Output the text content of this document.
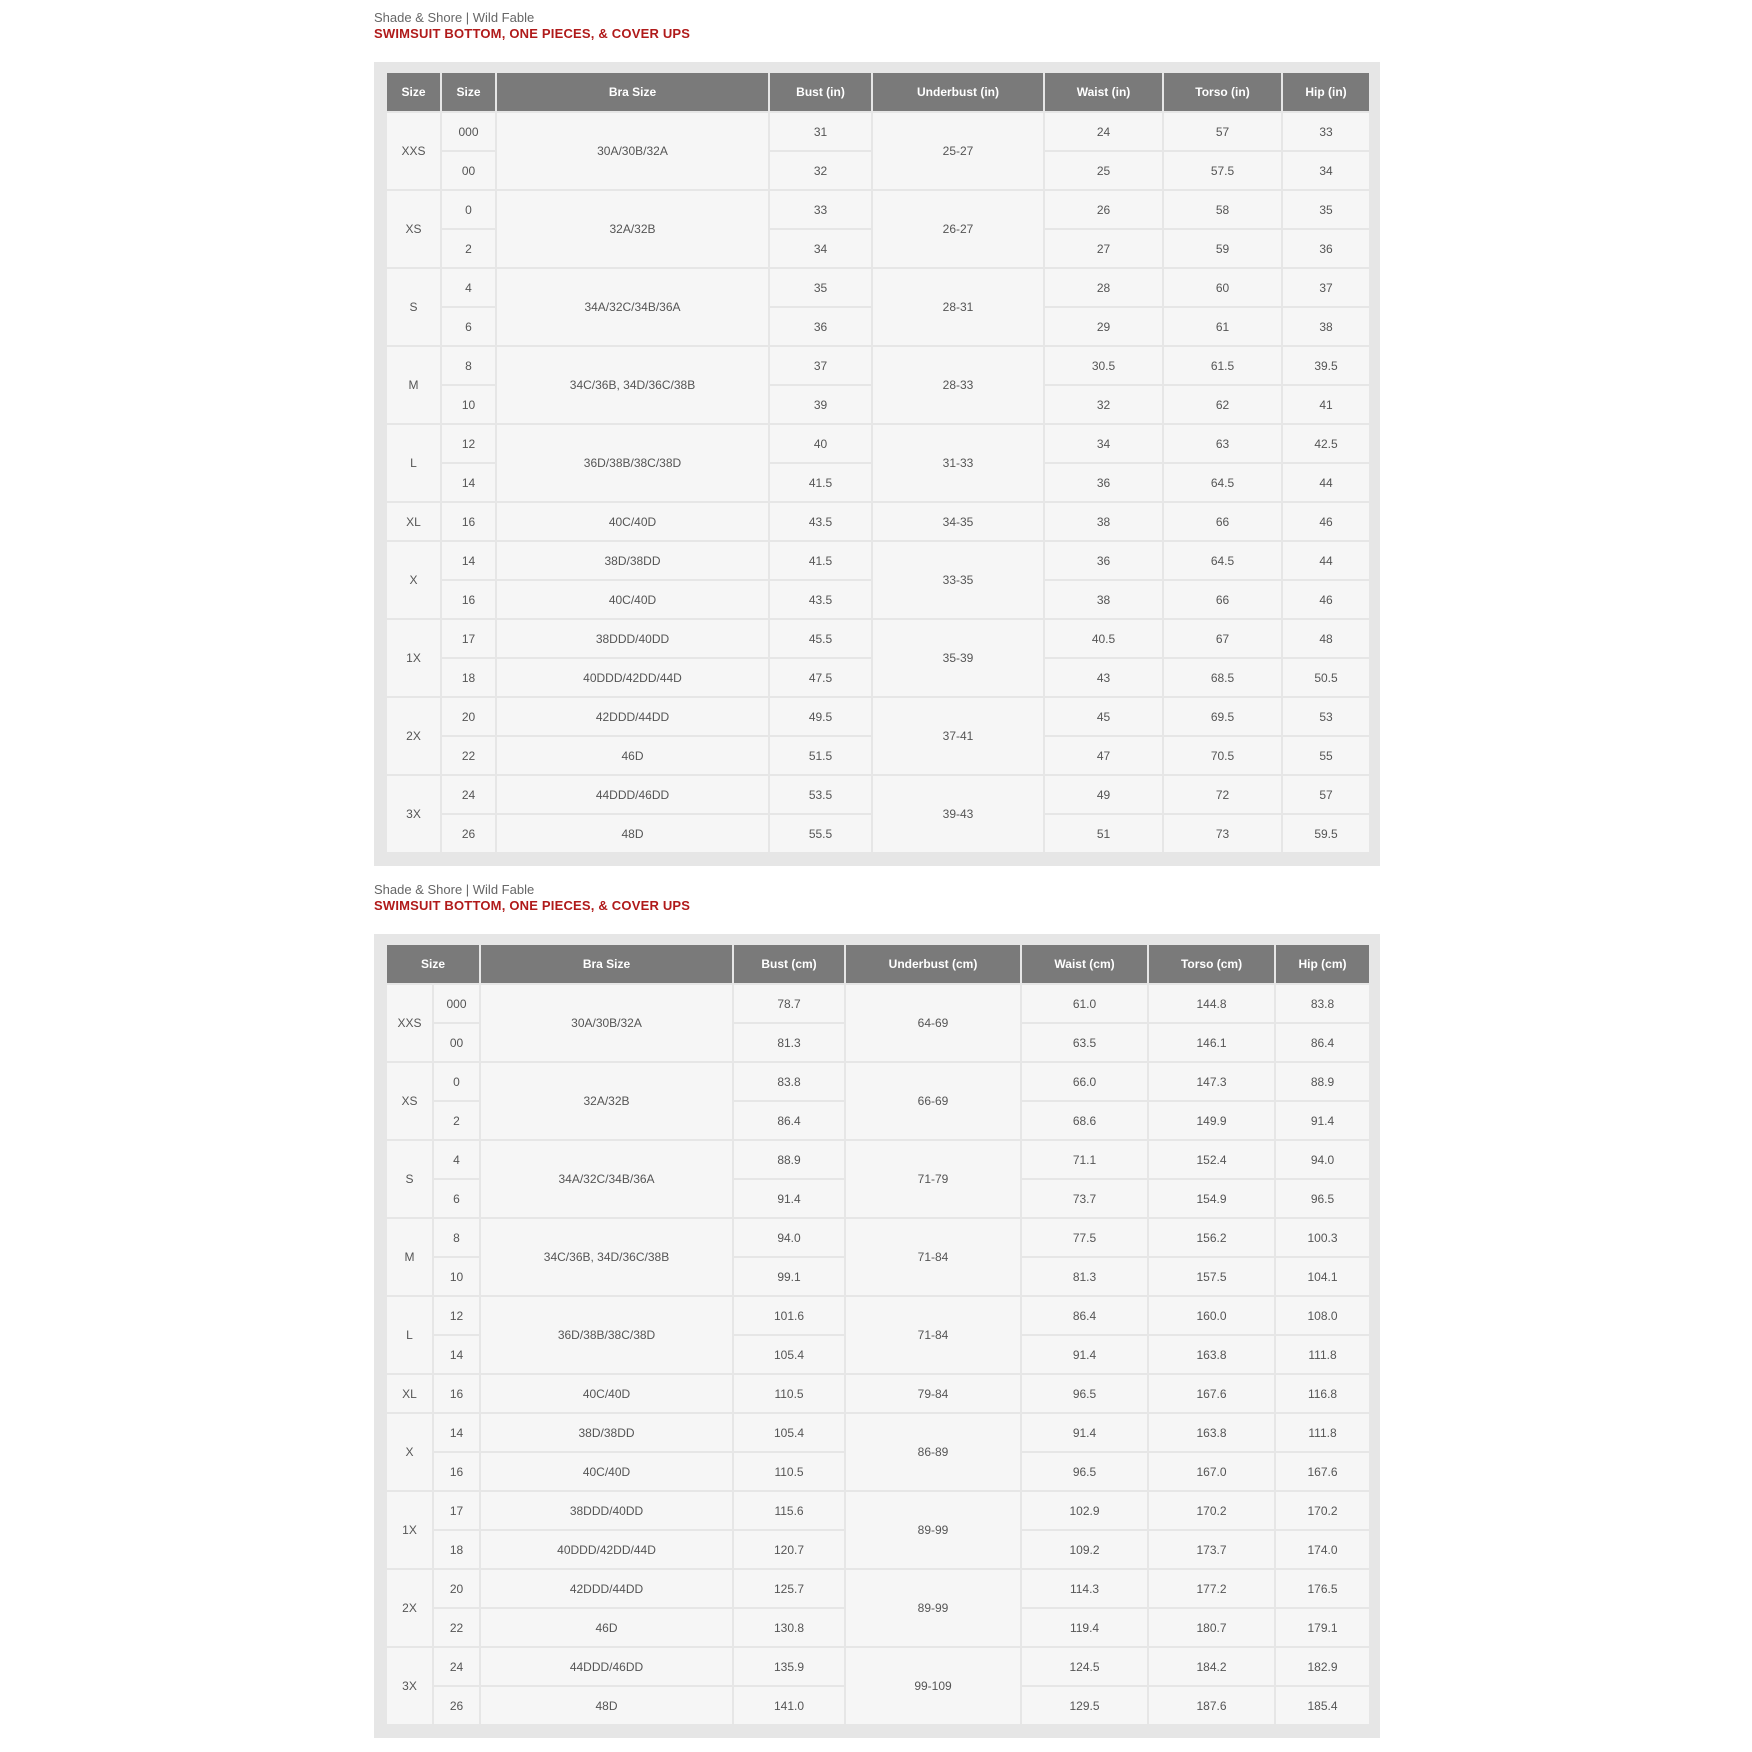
Shade & Shore | Wild Fable
SWIMSUIT BOTTOM, ONE PIECES, & COVER UPS
Size	Size	Bra Size	Bust (in)	Underbust (in)	Waist (in)	Torso (in)	Hip (in)
XXS	000	30A/30B/32A	31	25-27	24	57	33
	00		32		25	57.5	34
XS	0	32A/32B	33	26-27	26	58	35
	2		34		27	59	36
S	4	34A/32C/34B/36A	35	28-31	28	60	37
	6		36		29	61	38
M	8	34C/36B, 34D/36C/38B	37	28-33	30.5	61.5	39.5
	10		39		32	62	41
L	12	36D/38B/38C/38D	40	31-33	34	63	42.5
	14		41.5		36	64.5	44
XL	16	40C/40D	43.5	34-35	38	66	46
X	14	38D/38DD	41.5	33-35	36	64.5	44
	16	40C/40D	43.5		38	66	46
1X	17	38DDD/40DD	45.5	35-39	40.5	67	48
	18	40DDD/42DD/44D	47.5		43	68.5	50.5
2X	20	42DDD/44DD	49.5	37-41	45	69.5	53
	22	46D	51.5		47	70.5	55
3X	24	44DDD/46DD	53.5	39-43	49	72	57
	26	48D	55.5		51	73	59.5
Shade & Shore | Wild Fable
SWIMSUIT BOTTOM, ONE PIECES, & COVER UPS
Size		Bra Size	Bust (cm)	Underbust (cm)	Waist (cm)	Torso (cm)	Hip (cm)
XXS	000	30A/30B/32A	78.7	64-69	61.0	144.8	83.8
	00		81.3		63.5	146.1	86.4
XS	0	32A/32B	83.8	66-69	66.0	147.3	88.9
	2		86.4		68.6	149.9	91.4
S	4	34A/32C/34B/36A	88.9	71-79	71.1	152.4	94.0
	6		91.4		73.7	154.9	96.5
M	8	34C/36B, 34D/36C/38B	94.0	71-84	77.5	156.2	100.3
	10		99.1		81.3	157.5	104.1
L	12	36D/38B/38C/38D	101.6	71-84	86.4	160.0	108.0
	14		105.4		91.4	163.8	111.8
XL	16	40C/40D	110.5	79-84	96.5	167.6	116.8
X	14	38D/38DD	105.4	86-89	91.4	163.8	111.8
	16	40C/40D	110.5		96.5	167.0	167.6
1X	17	38DDD/40DD	115.6	89-99	102.9	170.2	170.2
	18	40DDD/42DD/44D	120.7		109.2	173.7	174.0
2X	20	42DDD/44DD	125.7	89-99	114.3	177.2	176.5
	22	46D	130.8		119.4	180.7	179.1
3X	24	44DDD/46DD	135.9	99-109	124.5	184.2	182.9
	26	48D	141.0		129.5	187.6	185.4
